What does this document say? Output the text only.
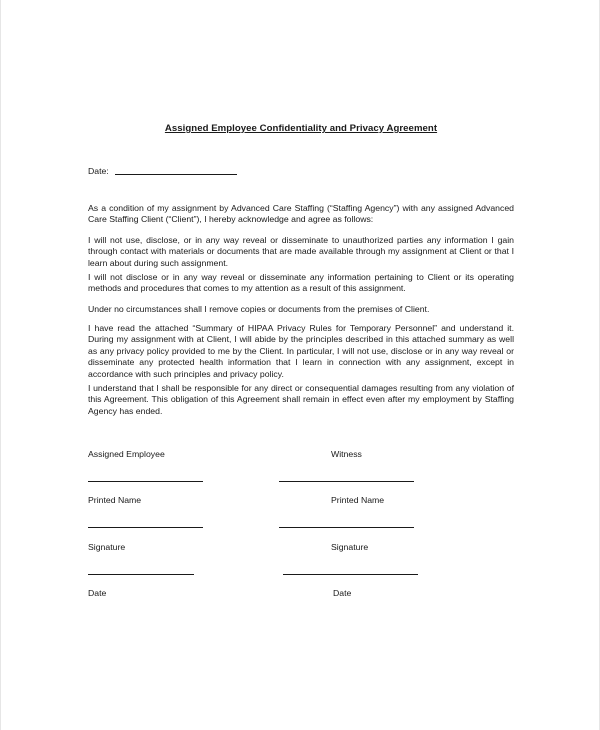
Assigned Employee Confidentiality and Privacy Agreement
Date:

As a condition of my assignment by Advanced Care Staffing (“Staffing Agency”) with any assigned Advanced Care Staffing Client (“Client”), I hereby acknowledge and agree as follows:

I will not use, disclose, or in any way reveal or disseminate to unauthorized parties any information I gain through contact with materials or documents that are made available through my assignment at Client or that I learn about during such assignment.

I will not disclose or in any way reveal or disseminate any information pertaining to Client or its operating methods and procedures that comes to my attention as a result of this assignment.

Under no circumstances shall I remove copies or documents from the premises of Client.

I have read the attached “Summary of HIPAA Privacy Rules for Temporary Personnel” and understand it. During my assignment with at Client, I will abide by the principles described in this attached summary as well as any privacy policy provided to me by the Client. In particular, I will not use, disclose or in any way reveal or disseminate any protected health information that I learn in connection with any assignment, except in accordance with such principles and privacy policy.

I understand that I shall be responsible for any direct or consequential damages resulting from any violation of this Agreement. This obligation of this Agreement shall remain in effect even after my employment by Staffing Agency has ended.

Assigned Employee
Printed Name
Signature
Date
Witness
Printed Name
Signature
Date
